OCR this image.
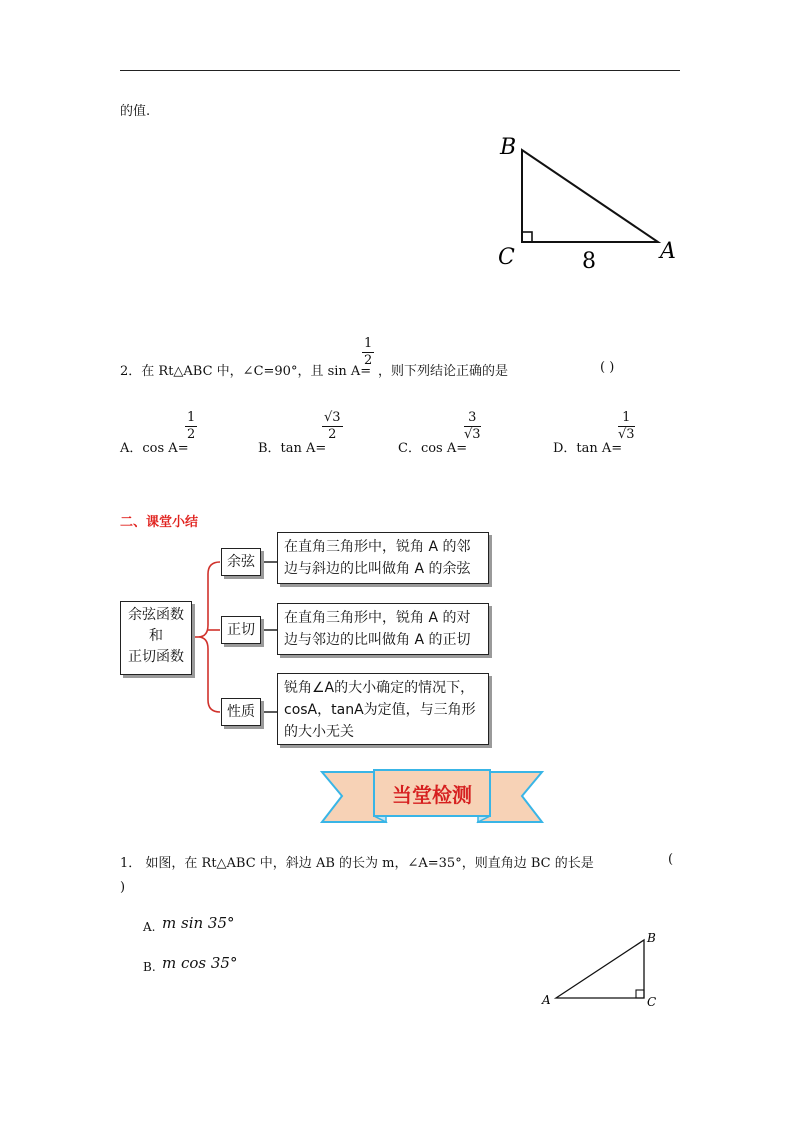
的值.
B
C	A
8
2．在 Rt△ABC 中，∠C=90°，且 sin A=
$\frac{1}{2}$
，则下列结论正确的是	( )
A．cos A=
$\frac{1}{2}$
B．tan A=
$\frac{√3}{2}$
C．cos A=
$\frac{3}{√3}$
D．tan A=
$\frac{1}{√3}$
二、课堂小结
余弦函数
和
正切函数
余弦
正切
性质
在直角三角形中，锐角 A 的邻
边与斜边的比叫做角 A 的余弦
在直角三角形中，锐角 A 的对
边与邻边的比叫做角 A 的正切
锐角∠A的大小确定的情况下，
cosA，tanA为定值，与三角形
的大小无关
当堂检测
1． 如图，在 Rt△ABC 中，斜边 AB 的长为 m，∠A=35°，则直角边 BC 的长是	(
)
A. m sin 35°
B. m cos 35°
A
B
C
